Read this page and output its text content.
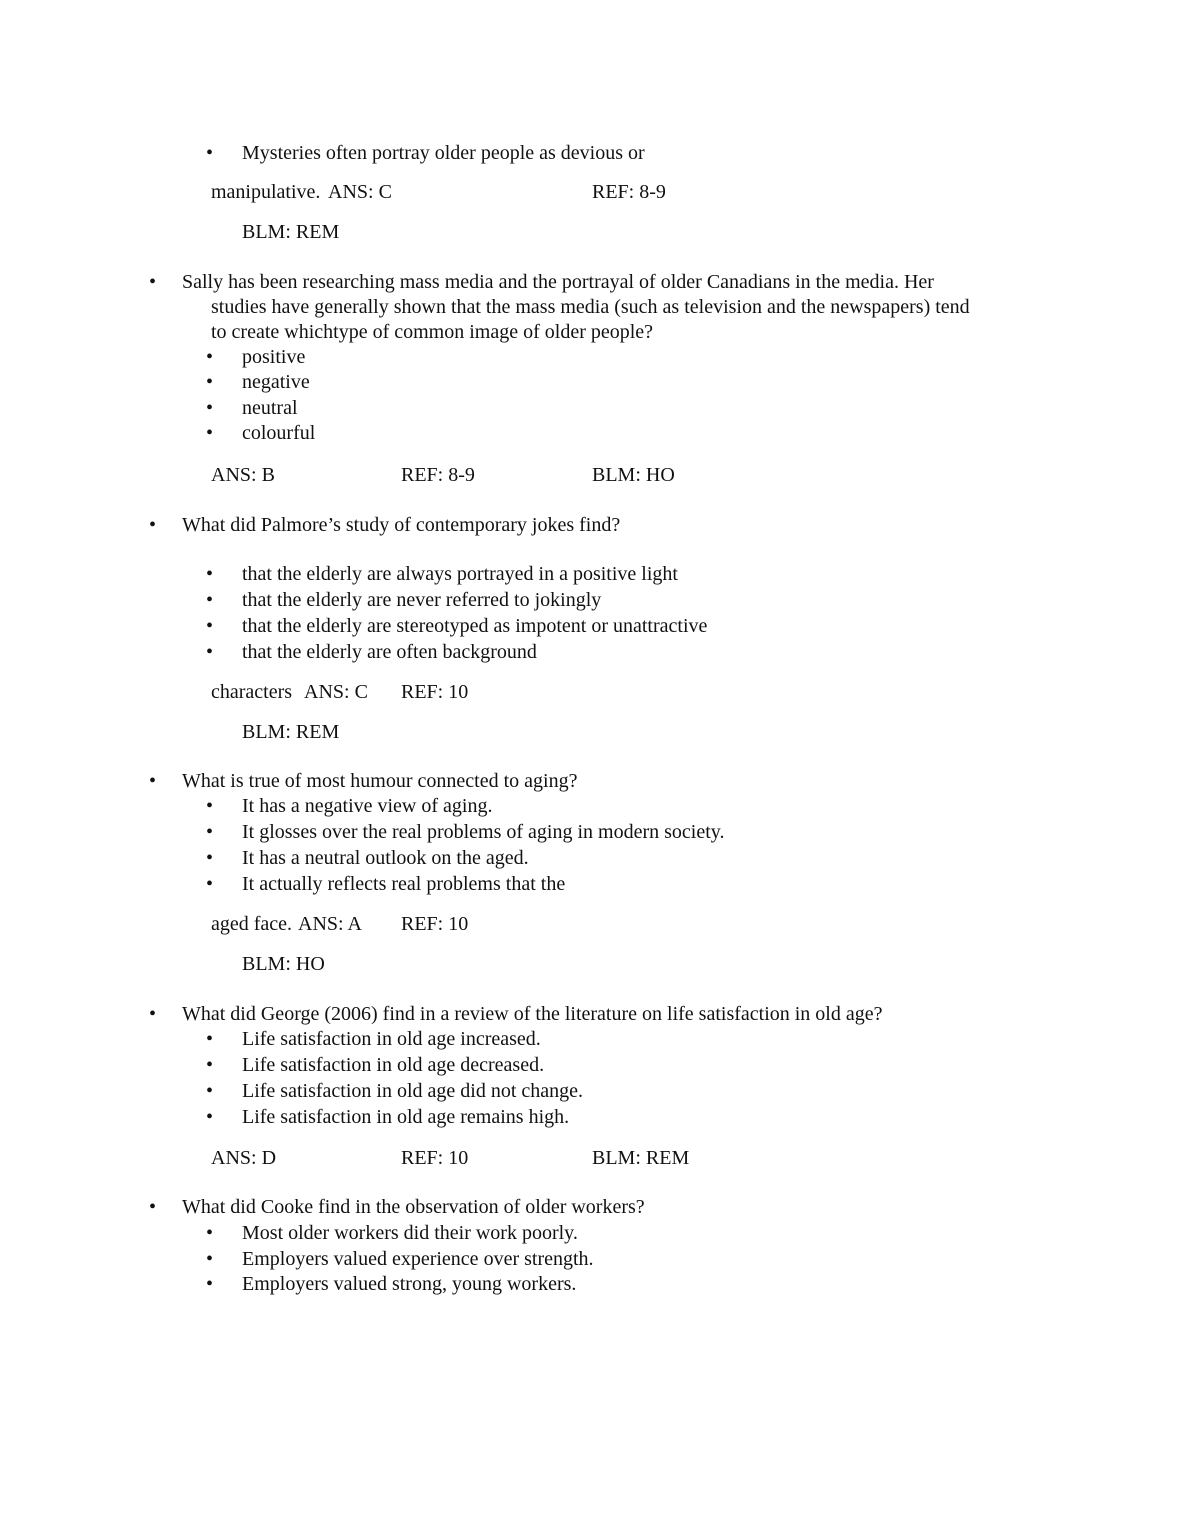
• Mysteries often portray older people as devious or
manipulative. ANS: C	REF: 8-9
BLM: REM
• Sally has been researching mass media and the portrayal of older Canadians in the media. Her
studies have generally shown that the mass media (such as television and the newspapers) tend
to create whichtype of common image of older people?
• positive
• negative
• neutral
• colourful
ANS: B	REF: 8-9	BLM: HO
• What did Palmore’s study of contemporary jokes find?
• that the elderly are always portrayed in a positive light
• that the elderly are never referred to jokingly
• that the elderly are stereotyped as impotent or unattractive
• that the elderly are often background
characters ANS: C REF: 10
BLM: REM
• What is true of most humour connected to aging?
• It has a negative view of aging.
• It glosses over the real problems of aging in modern society.
• It has a neutral outlook on the aged.
• It actually reflects real problems that the
aged face. ANS: A REF: 10
BLM: HO
• What did George (2006) find in a review of the literature on life satisfaction in old age?
• Life satisfaction in old age increased.
• Life satisfaction in old age decreased.
• Life satisfaction in old age did not change.
• Life satisfaction in old age remains high.
ANS: D	REF: 10	BLM: REM
• What did Cooke find in the observation of older workers?
• Most older workers did their work poorly.
• Employers valued experience over strength.
• Employers valued strong, young workers.
